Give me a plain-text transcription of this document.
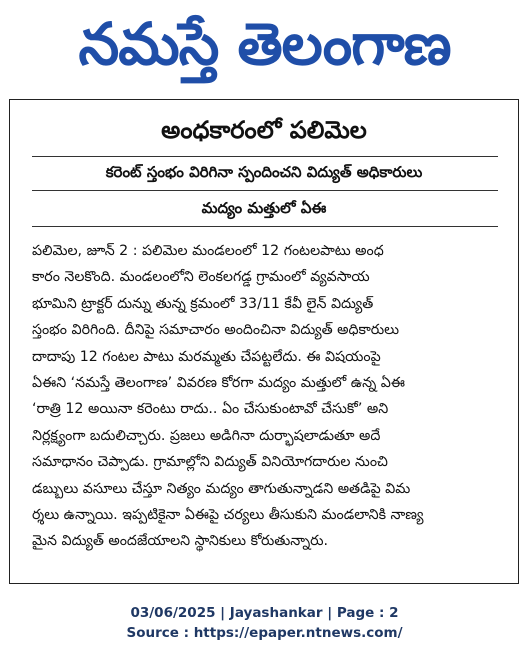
నమస్తే తెలంగాణ
అంధకారంలో పలిమెల
కరెంట్‌ స్తంభం విరిగినా స్పందించని విద్యుత్‌ అధికారులు
మద్యం మత్తులో ఏఈ
పలిమెల, జూన్‌ 2 : పలిమెల మండలంలో 12 గంటలపాటు అంధ
కారం నెలకొంది. మండలంలోని లెంకలగడ్డ గ్రామంలో వ్యవసాయ
భూమిని ట్రాక్టర్‌ దున్ను తున్న క్రమంలో 33/11 కేవీ లైన్‌ విద్యుత్‌
స్తంభం విరిగింది. దీనిపై సమాచారం అందించినా విద్యుత్‌ అధికారులు
దాదాపు 12 గంటల పాటు మరమ్మతు చేపట్టలేదు. ఈ విషయంపై
ఏఈని ‘నమస్తే తెలంగాణ’ వివరణ కోరగా మద్యం మత్తులో ఉన్న ఏఈ
‘రాత్రి 12 అయినా కరెంటు రాదు.. ఏం చేసుకుంటావో చేసుకో’ అని
నిర్లక్ష్యంగా బదులిచ్చారు. ప్రజలు అడిగినా దుర్భాషలాడుతూ అదే
సమాధానం చెప్పాడు. గ్రామాల్లోని విద్యుత్‌ వినియోగదారుల నుంచి
డబ్బులు వసూలు చేస్తూ నిత్యం మద్యం తాగుతున్నాడని అతడిపై విమ
ర్శలు ఉన్నాయి. ఇప్పటికైనా ఏఈపై చర్యలు తీసుకుని మండలానికి నాణ్య
మైన విద్యుత్‌ అందజేయాలని స్థానికులు కోరుతున్నారు.
03/06/2025 | Jayashankar | Page : 2
Source : https://epaper.ntnews.com/
